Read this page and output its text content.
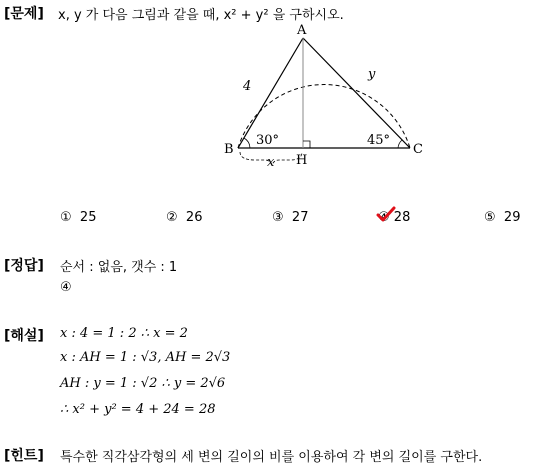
[문제] x, y 가 다음 그림과 같을 때, x² + y² 을 구하시오.
A
B	C
H
4
y
x
30°	45°
① 25	② 26	③ 27	④ 28	⑤ 29
[정답] 순서 : 없음, 갯수 : 1
④
[해설] x : 4 = 1 : 2 ∴ x = 2
x : AH = 1 : √3, AH = 2√3
AH : y = 1 : √2 ∴ y = 2√6
∴ x² + y² = 4 + 24 = 28
[힌트] 특수한 직각삼각형의 세 변의 길이의 비를 이용하여 각 변의 길이를 구한다.
